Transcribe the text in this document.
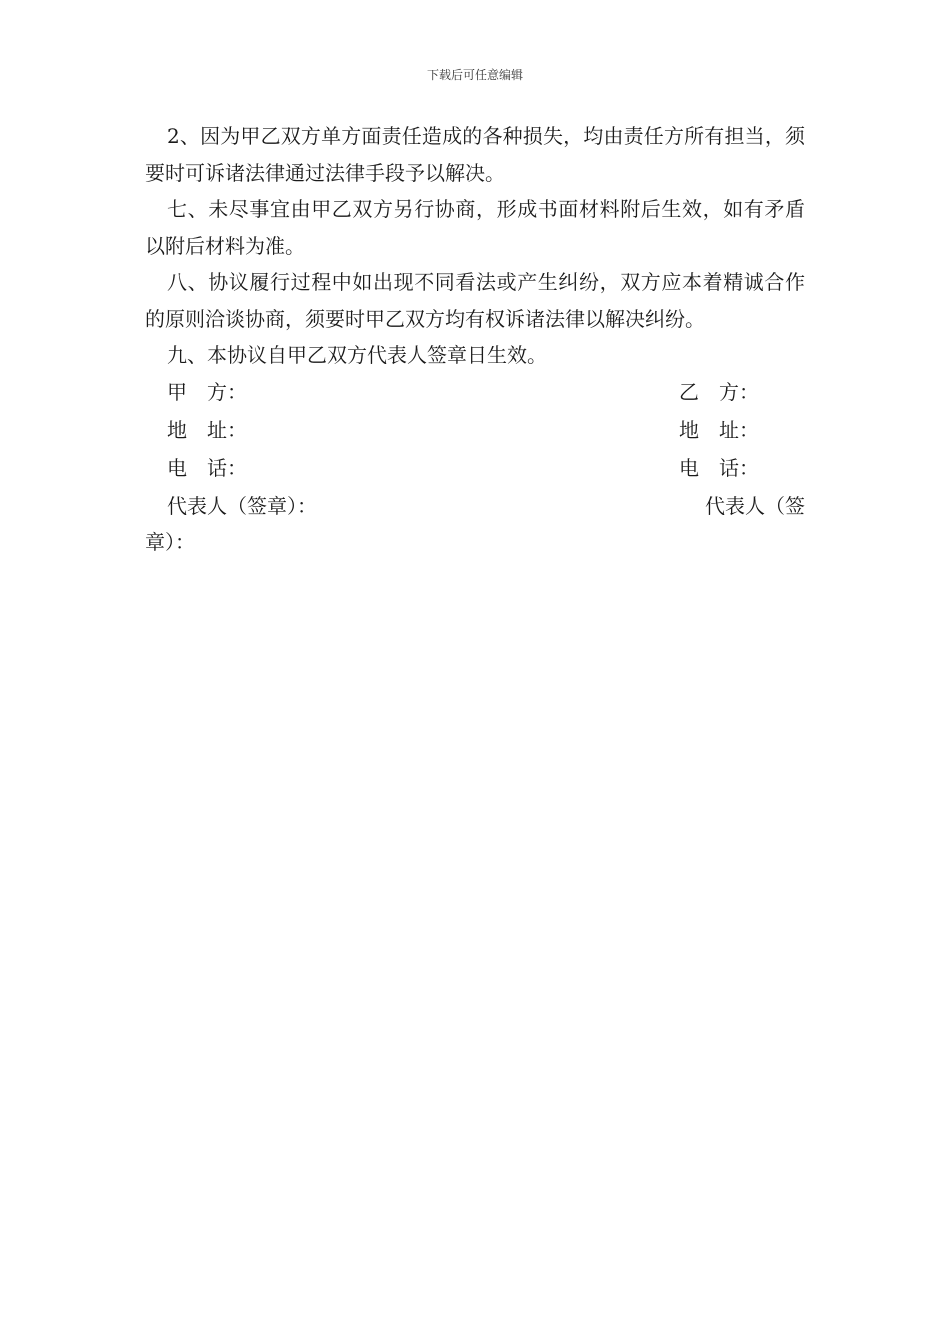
下载后可任意编辑

2、因为甲乙双方单方面责任造成的各种损失，均由责任方所有担当，须要时可诉诸法律通过法律手段予以解决。

七、未尽事宜由甲乙双方另行协商，形成书面材料附后生效，如有矛盾以附后材料为准。

八、协议履行过程中如出现不同看法或产生纠纷，双方应本着精诚合作的原则洽谈协商，须要时甲乙双方均有权诉诸法律以解决纠纷。

九、本协议自甲乙双方代表人签章日生效。

甲　方：	乙　方：
地　址：	地　址：
电　话：	电　话：
代表人（签章）：	代表人（签
章）：
